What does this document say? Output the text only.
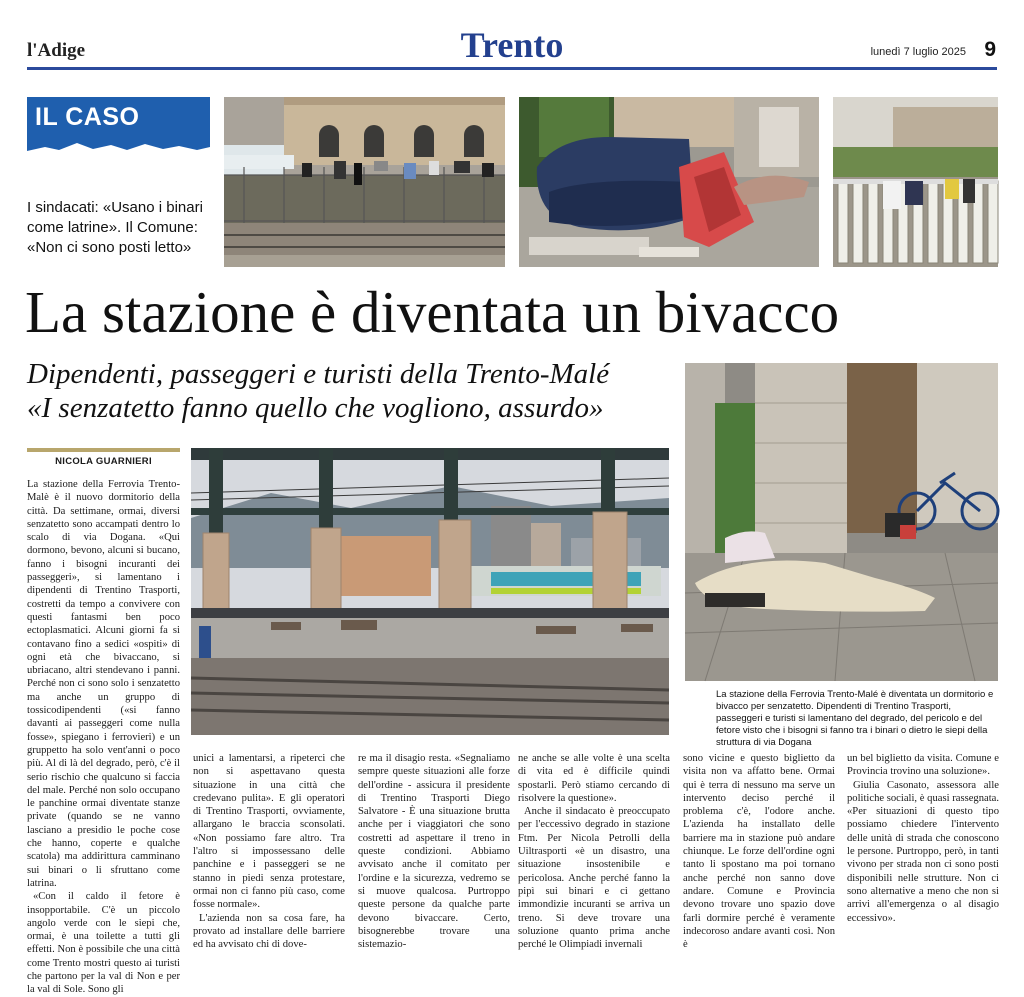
l'Adige	Trento	lunedì 7 luglio 2025 9
IL CASO
I sindacati: «Usano i binari come latrine». Il Comune: «Non ci sono posti letto»
La stazione è diventata un bivacco
Dipendenti, passeggeri e turisti della Trento-Malé
«I senzatetto fanno quello che vogliono, assurdo»
NICOLA GUARNIERI
La stazione della Ferrovia Trento-Malé è diventata un dormitorio e bivacco per senzatetto. Dipendenti di Trentino Trasporti, passeggeri e turisti si lamentano del degrado, del pericolo e del fetore visto che i bisogni si fanno tra i binari o dietro le siepi della struttura di via Dogana

La stazione della Ferrovia Trento-Malè è il nuovo dormitorio della città. Da settimane, ormai, diversi senzatetto sono accampati dentro lo scalo di via Dogana. «Qui dormono, bevono, alcuni si bucano, fanno i bisogni incuranti dei passeggeri», si lamentano i dipendenti di Trentino Trasporti, costretti da tempo a convivere con questi fantasmi ben poco ectoplasmatici. Alcuni giorni fa si contavano fino a sedici «ospiti» di ogni età che bivaccano, si ubriacano, altri stendevano i panni. Perché non ci sono solo i senzatetto ma anche un gruppo di tossicodipendenti («si fanno davanti ai passeggeri come nulla fosse», spiegano i ferrovieri) e un gruppetto ha solo vent'anni o poco più. Al di là del degrado, però, c'è il serio rischio che qualcuno si faccia del male. Perché non solo occupano le panchine ormai diventate stanze private (quando se ne vanno lasciano a presidio le poche cose che hanno, coperte e qualche scatola) ma addirittura camminano sui binari o li sfruttano come latrina.

«Con il caldo il fetore è insopportabile. C'è un piccolo angolo verde con le siepi che, ormai, è una toilette a tutti gli effetti. Non è possibile che una città come Trento mostri questo ai turisti che partono per la val di Non e per la val di Sole. Sono gli

unici a lamentarsi, a ripeterci che non si aspettavano questa situazione in una città che credevano pulita». E gli operatori di Trentino Trasporti, ovviamente, allargano le braccia sconsolati. «Non possiamo fare altro. Tra l'altro si impossessano delle panchine e i passeggeri se ne stanno in piedi senza protestare, ormai non ci fanno più caso, come fosse normale».

L'azienda non sa cosa fare, ha provato ad installare delle barriere ed ha avvisato chi di dove-

re ma il disagio resta. «Segnaliamo sempre queste situazioni alle forze dell'ordine - assicura il presidente di Trentino Trasporti Diego Salvatore - È una situazione brutta anche per i viaggiatori che sono costretti ad aspettare il treno in queste condizioni. Abbiamo avvisato anche il comitato per l'ordine e la sicurezza, vedremo se si muove qualcosa. Purtroppo queste persone da qualche parte devono bivaccare. Certo, bisognerebbe trovare una sistemazio-

ne anche se alle volte è una scelta di vita ed è difficile quindi spostarli. Però stiamo cercando di risolvere la questione».

Anche il sindacato è preoccupato per l'eccessivo degrado in stazione Ftm. Per Nicola Petrolli della Uiltrasporti «è un disastro, una situazione insostenibile e pericolosa. Anche perché fanno la pipì sui binari e ci gettano immondizie incuranti se arriva un treno. Si deve trovare una soluzione quanto prima anche perché le Olimpiadi invernali

sono vicine e questo biglietto da visita non va affatto bene. Ormai qui è terra di nessuno ma serve un intervento deciso perché il problema c'è, l'odore anche. L'azienda ha installato delle barriere ma in stazione può andare chiunque. Le forze dell'ordine ogni tanto li spostano ma poi tornano anche perché non sanno dove andare. Comune e Provincia devono trovare uno spazio dove farli dormire perché è veramente indecoroso andare avanti così. Non è

un bel biglietto da visita. Comune e Provincia trovino una soluzione».

Giulia Casonato, assessora alle politiche sociali, è quasi rassegnata. «Per situazioni di questo tipo possiamo chiedere l'intervento delle unità di strada che conoscono le persone. Purtroppo, però, in tanti vivono per strada non ci sono posti disponibili nelle strutture. Non ci sono alternative a meno che non si arrivi all'emergenza o al disagio eccessivo».
